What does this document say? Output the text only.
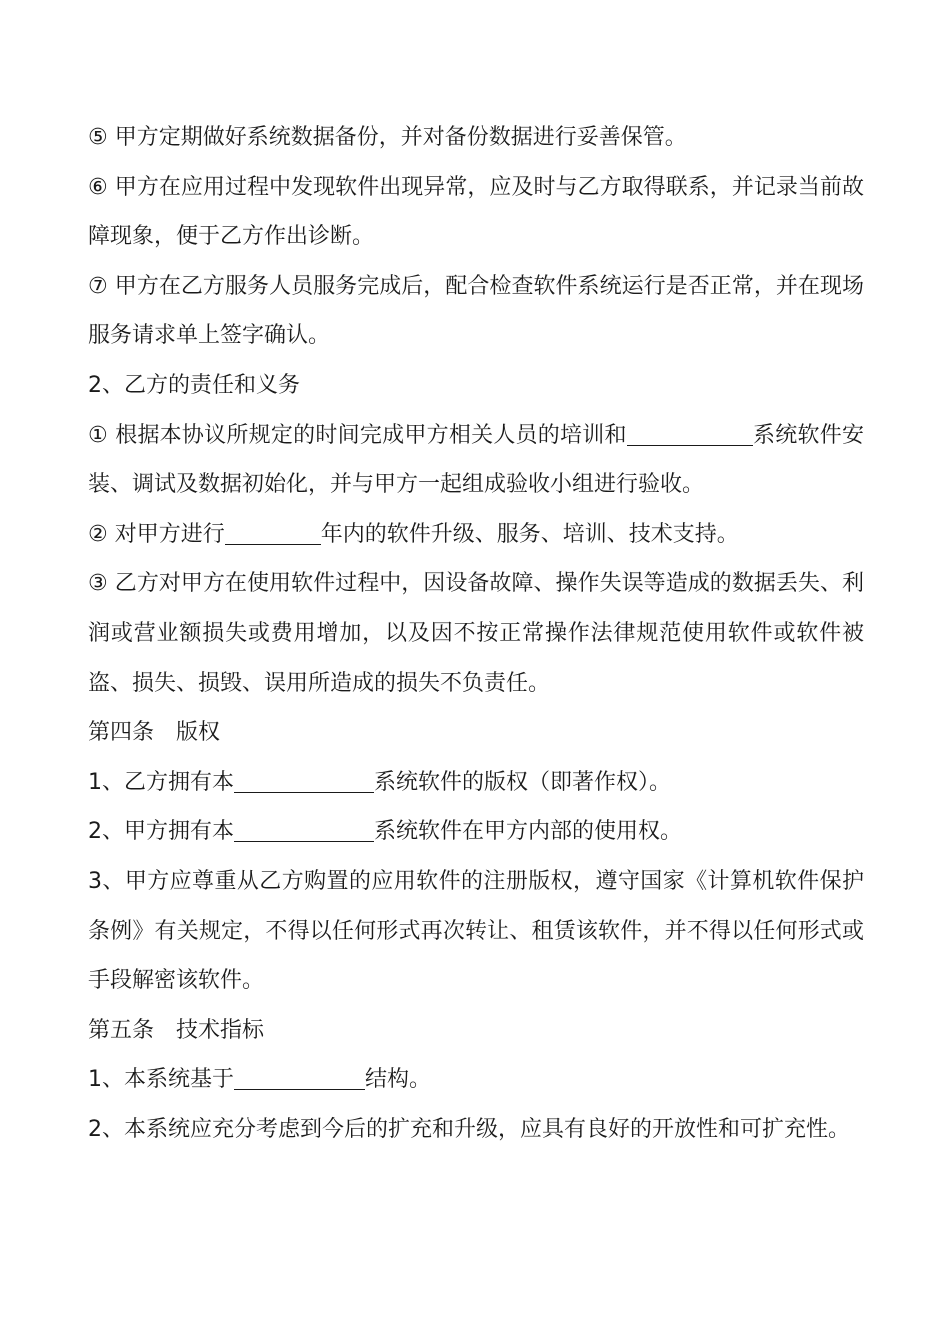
⑤ 甲方定期做好系统数据备份，并对备份数据进行妥善保管。

⑥ 甲方在应用过程中发现软件出现异常，应及时与乙方取得联系，并记录当前故障现象，便于乙方作出诊断。

⑦ 甲方在乙方服务人员服务完成后，配合检查软件系统运行是否正常，并在现场服务请求单上签字确认。

2、乙方的责任和义务

① 根据本协议所规定的时间完成甲方相关人员的培训和	系统软件安装、调试及数据初始化，并与甲方一起组成验收小组进行验收。

② 对甲方进行	年内的软件升级、服务、培训、技术支持。

③ 乙方对甲方在使用软件过程中，因设备故障、操作失误等造成的数据丢失、利润或营业额损失或费用增加，以及因不按正常操作法律规范使用软件或软件被盗、损失、损毁、误用所造成的损失不负责任。

第四条　版权

1、乙方拥有本	系统软件的版权（即著作权）。

2、甲方拥有本	系统软件在甲方内部的使用权。

3、甲方应尊重从乙方购置的应用软件的注册版权，遵守国家《计算机软件保护条例》有关规定，不得以任何形式再次转让、租赁该软件，并不得以任何形式或手段解密该软件。

第五条　技术指标

1、本系统基于	结构。

2、本系统应充分考虑到今后的扩充和升级，应具有良好的开放性和可扩充性。
